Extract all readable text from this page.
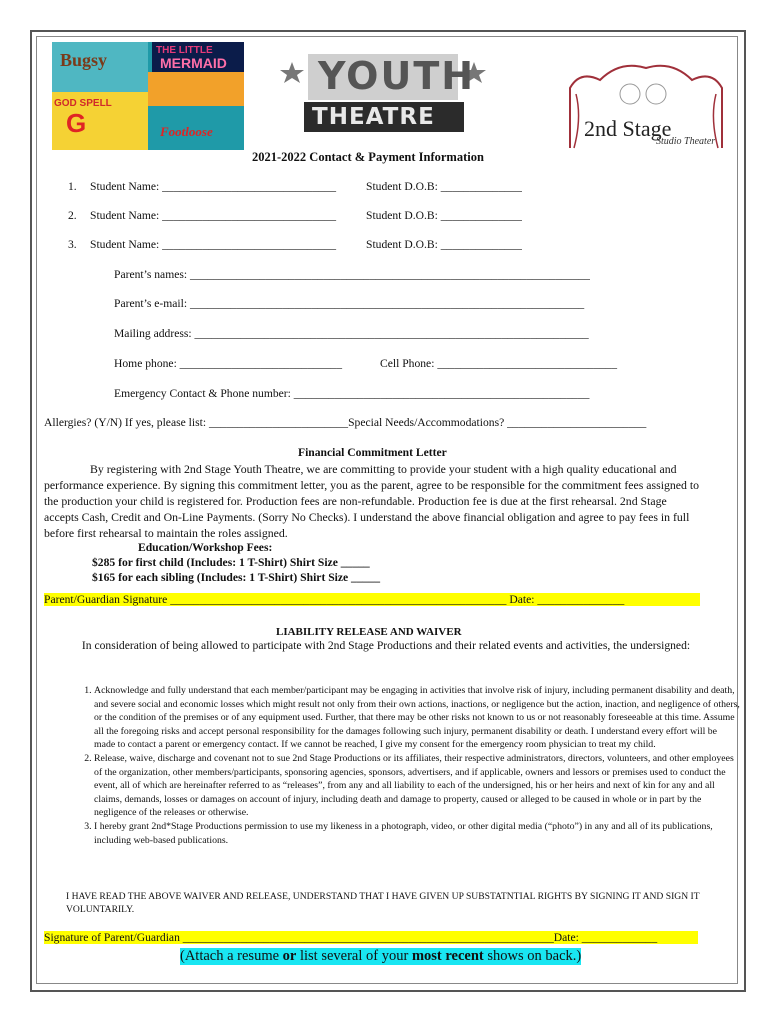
THE LITTLE
MERMAID
GOD SPELL
G	Footloose
Bugsy	YOUTH
THEATRE	2nd Stage
Studio Theater
2021-2022 Contact & Payment Information
1. Student Name: ______________________________	Student D.O.B: ______________
2. Student Name: ______________________________	Student D.O.B: ______________
3. Student Name: ______________________________	Student D.O.B: ______________
Parent’s names: _____________________________________________________________________
Parent’s e-mail: ____________________________________________________________________
Mailing address: ____________________________________________________________________
Home phone: ____________________________	Cell Phone: _______________________________
Emergency Contact & Phone number: ___________________________________________________
Allergies? (Y/N) If yes, please list: ________________________Special Needs/Accommodations? ________________________
Financial Commitment Letter
By registering with 2nd Stage Youth Theatre, we are committing to provide your student with a high quality educational and performance experience. By signing this commitment letter, you as the parent, agree to be responsible for the commitment fees assigned to the production your child is registered for. Production fees are non-refundable. Production fee is due at the first rehearsal. 2nd Stage accepts Cash, Credit and On-Line Payments. (Sorry No Checks). I understand the above financial obligation and agree to pay fees in full before first rehearsal to maintain the roles assigned.
Education/Workshop Fees:
$285 for first child (Includes: 1 T-Shirt) Shirt Size _____
$165 for each sibling (Includes: 1 T-Shirt) Shirt Size _____
Parent/Guardian Signature __________________________________________________________ Date: _______________
LIABILITY RELEASE AND WAIVER
In consideration of being allowed to participate with 2nd Stage Productions and their related events and activities, the undersigned:
1. Acknowledge and fully understand that each member/participant may be engaging in activities that involve risk of injury, including permanent disability and death, and severe social and economic losses which might result not only from their own actions, inactions, or negligence but the action, inaction, and negligence of others, or the condition of the premises or of any equipment used. Further, that there may be other risks not known to us or not reasonably foreseeable at this time. Assume all the foregoing risks and accept personal responsibility for the damages following such injury, permanent disability or death. I understand every effort will be made to contact a parent or emergency contact. If we cannot be reached, I give my consent for the emergency room physician to treat my child.
2. Release, waive, discharge and covenant not to sue 2nd Stage Productions or its affiliates, their respective administrators, directors, volunteers, and other employees of the organization, other members/participants, sponsoring agencies, sponsors, advertisers, and if applicable, owners and lessors or premises used to conduct the event, all of which are hereinafter referred to as “releases”, from any and all liability to each of the undersigned, his or her heirs and next of kin for any and all claims, demands, losses or damages on account of injury, including death and damage to property, caused or alleged to be caused in whole or in part by the negligence of the releases or otherwise.
3. I hereby grant 2nd*Stage Productions permission to use my likeness in a photograph, video, or other digital media (“photo”) in any and all of its publications, including web-based publications.
I HAVE READ THE ABOVE WAIVER AND RELEASE, UNDERSTAND THAT I HAVE GIVEN UP SUBSTATNTIAL RIGHTS BY SIGNING IT AND SIGN IT VOLUNTARILY.
Signature of Parent/Guardian ________________________________________________________________Date: _____________
(Attach a resume or list several of your most recent shows on back.)
